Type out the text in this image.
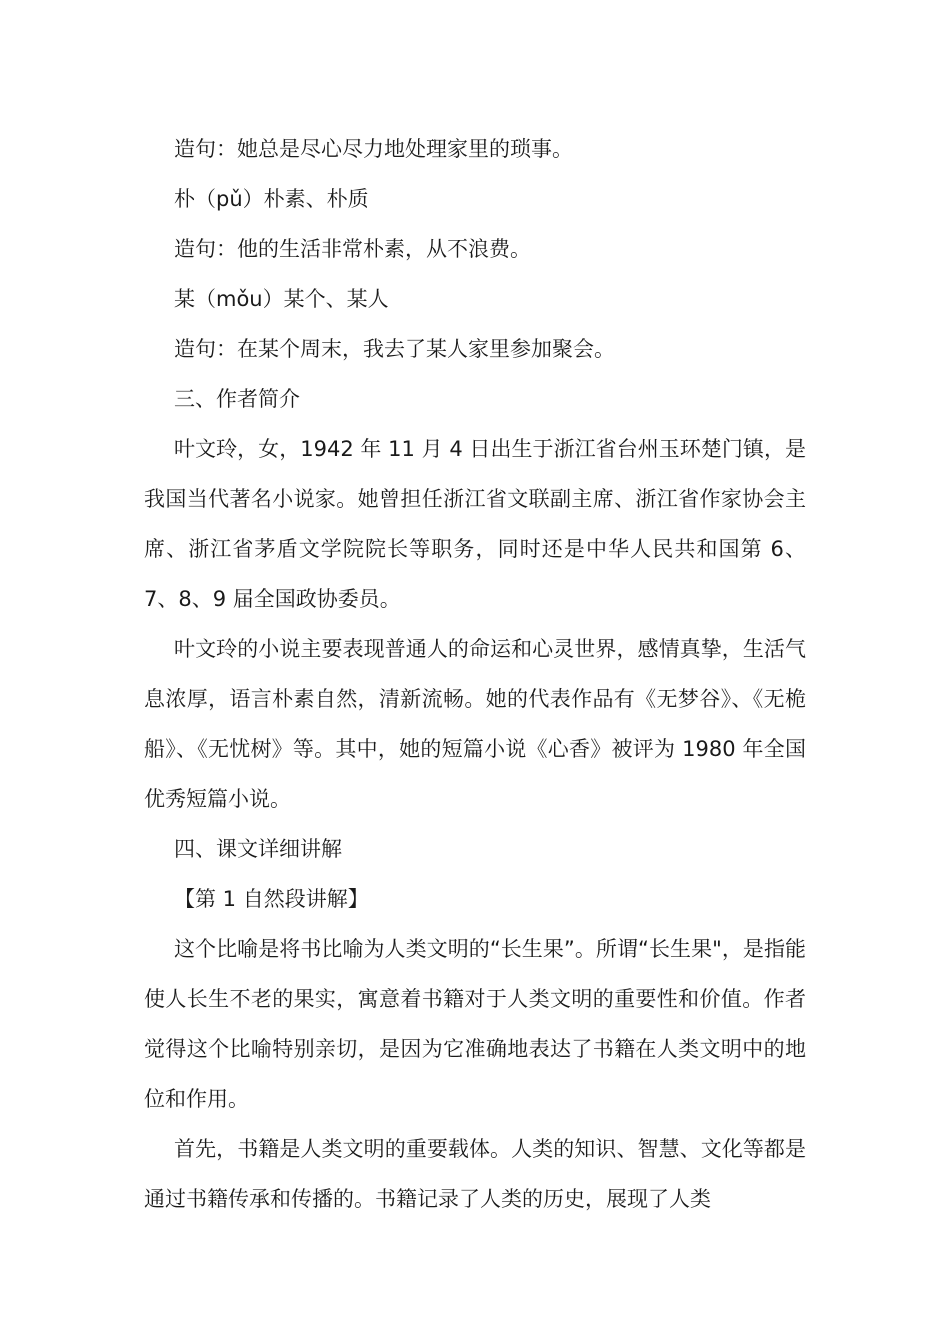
造句：她总是尽心尽力地处理家里的琐事。
朴（pǔ）朴素、朴质
造句：他的生活非常朴素，从不浪费。
某（mǒu）某个、某人
造句：在某个周末，我去了某人家里参加聚会。
三、作者简介
叶文玲，女，1942 年 11 月 4 日出生于浙江省台州玉环楚门镇，是我国当代著名小说家。她曾担任浙江省文联副主席、浙江省作家协会主席、浙江省茅盾文学院院长等职务，同时还是中华人民共和国第 6、7、8、9 届全国政协委员。
叶文玲的小说主要表现普通人的命运和心灵世界，感情真挚，生活气息浓厚，语言朴素自然，清新流畅。她的代表作品有《无梦谷》、《无桅船》、《无忧树》等。其中，她的短篇小说《心香》被评为 1980 年全国优秀短篇小说。
四、课文详细讲解
【第 1 自然段讲解】
这个比喻是将书比喻为人类文明的“长生果”。所谓“长生果"，是指能使人长生不老的果实，寓意着书籍对于人类文明的重要性和价值。作者觉得这个比喻特别亲切，是因为它准确地表达了书籍在人类文明中的地位和作用。
首先，书籍是人类文明的重要载体。人类的知识、智慧、文化等都是通过书籍传承和传播的。书籍记录了人类的历史，展现了人类
